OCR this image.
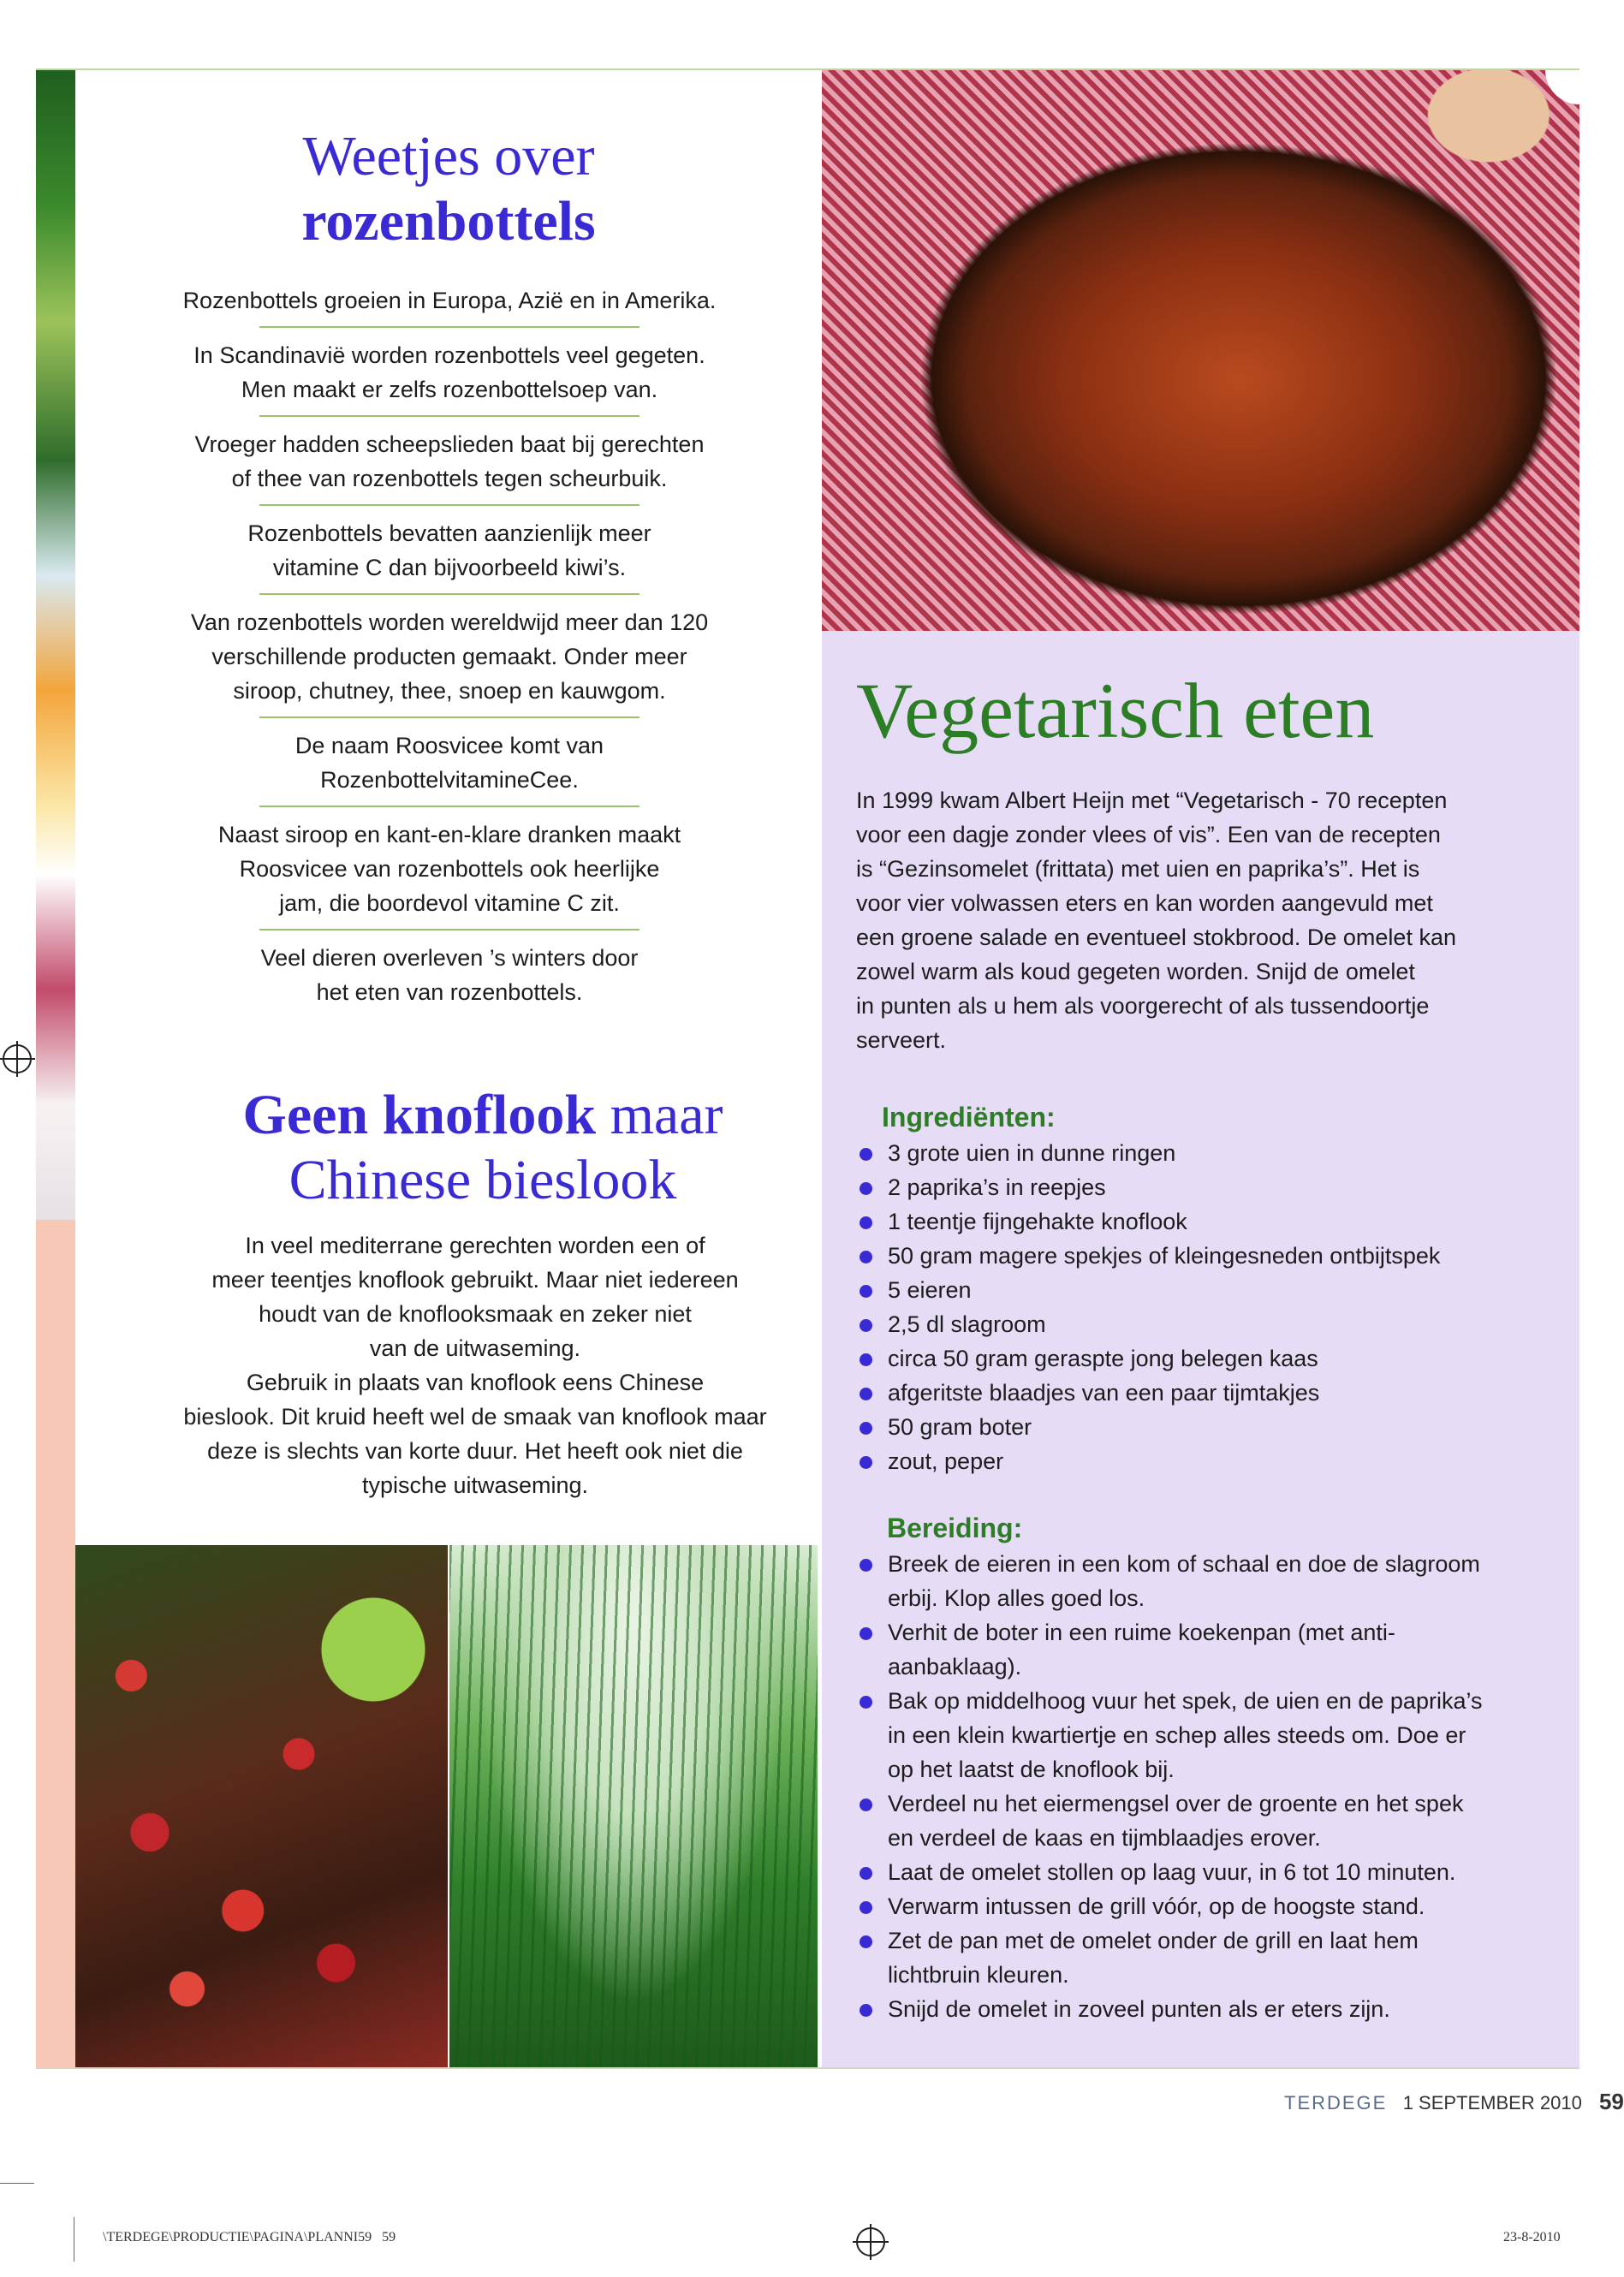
Weetjes over
rozenbottels
Rozenbottels groeien in Europa, Azië en in Amerika.
In Scandinavië worden rozenbottels veel gegeten.
Men maakt er zelfs rozenbottelsoep van.
Vroeger hadden scheepslieden baat bij gerechten
of thee van rozenbottels tegen scheurbuik.
Rozenbottels bevatten aanzienlijk meer
vitamine C dan bijvoorbeeld kiwi’s.
Van rozenbottels worden wereldwijd meer dan 120
verschillende producten gemaakt. Onder meer
siroop, chutney, thee, snoep en kauwgom.
De naam Roosvicee komt van
RozenbottelvitamineCee.
Naast siroop en kant-en-klare dranken maakt
Roosvicee van rozenbottels ook heerlijke
jam, die boordevol vitamine C zit.
Veel dieren overleven ’s winters door
het eten van rozenbottels.
Geen knoflook maar
Chinese bieslook
In veel mediterrane gerechten worden een of
meer teentjes knoflook gebruikt. Maar niet iedereen
houdt van de knoflooksmaak en zeker niet
van de uitwaseming.
Gebruik in plaats van knoflook eens Chinese
bieslook. Dit kruid heeft wel de smaak van knoflook maar
deze is slechts van korte duur. Het heeft ook niet die
typische uitwaseming.
Vegetarisch eten
In 1999 kwam Albert Heijn met “Vegetarisch - 70 recepten
voor een dagje zonder vlees of vis”. Een van de recepten
is “Gezinsomelet (frittata) met uien en paprika’s”. Het is
voor vier volwassen eters en kan worden aangevuld met
een groene salade en eventueel stokbrood. De omelet kan
zowel warm als koud gegeten worden. Snijd de omelet
in punten als u hem als voorgerecht of als tussendoortje
serveert.
Ingrediënten:
3 grote uien in dunne ringen
2 paprika’s in reepjes
1 teentje fijngehakte knoflook
50 gram magere spekjes of kleingesneden ontbijtspek
5 eieren
2,5 dl slagroom
circa 50 gram geraspte jong belegen kaas
afgeritste blaadjes van een paar tijmtakjes
50 gram boter
zout, peper
Bereiding:
Breek de eieren in een kom of schaal en doe de slagroom
erbij. Klop alles goed los.
Verhit de boter in een ruime koekenpan (met anti-
aanbaklaag).
Bak op middelhoog vuur het spek, de uien en de paprika’s
in een klein kwartiertje en schep alles steeds om. Doe er
op het laatst de knoflook bij.
Verdeel nu het eiermengsel over de groente en het spek
en verdeel de kaas en tijmblaadjes erover.
Laat de omelet stollen op laag vuur, in 6 tot 10 minuten.
Verwarm intussen de grill vóór, op de hoogste stand.
Zet de pan met de omelet onder de grill en laat hem
lichtbruin kleuren.
Snijd de omelet in zoveel punten als er eters zijn.
TERDEGE 1 SEPTEMBER 2010 59
\TERDEGE\PRODUCTIE\PAGINA\PLANNI59   59	23-8-2010
